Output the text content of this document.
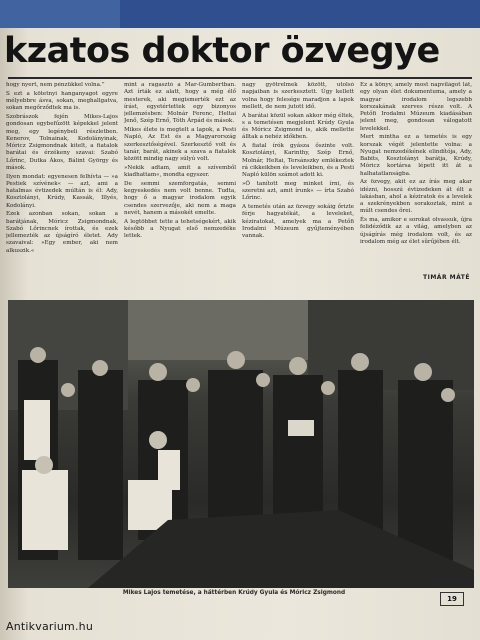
kzatos doktor özvegye

hogy nyert, nem pénzükkel volna.”

S ezt a kötetnyi hanganyagot egyre mélyebbre ásva, sokan, meghallgatva, sokan megőrződtek ma is.

Szobrászok fején Mikes-Lajos gondosan egybefűzött képekkel jelent meg, egy legénybeli részletben. Kenerov, Tolnainak, Kodolányinak, Móricz Zsigmondnak kitelt, a fiatalok barátai és érzékeny szavai: Szabó Lőrinc, Dutka Ákos, Bálint György és mások.

Ilyen mondat: egyenesen felhívta — »a Pestiek szívének« — azt, ami a hatalmas évtizedek múltán is él: Ady, Kosztolányi, Krúdy, Kassák, Illyés, Kodolányi.

Ezek azonban sokan, sokan a barátjának, Móricz Zsigmondnak, Szabó Lőrincnek írottak, és ezek jellemezték az újságíró életet. Ady szavaival: »Egy ember, aki nem alkuszik.«

mint a ragasztó a Mar-Gumbertban. Azt írták ez alatt, hogy a még élő mesterek, aki megismerték ezt az írást, egyetértettek egy bizonyos jellemzésben: Molnár Ferenc, Heltai Jenő, Szép Ernő, Tóth Árpád és mások.

Mikes élete is megtelt a lapok, a Pesti Napló, Az Est és a Magyarország szerkesztőségével. Szerkesztő volt és tanár, barát, akinek a szava a fiatalok között mindig nagy súlyú volt.

»Nekik adtam, amit a szívemből kiadhattam«, mondta egyszer.

De semmi szemforgatás, semmi kegyeskedés nem volt benne. Tudta, hogy ő a magyar irodalom egyik csendes szervezője, aki nem a maga nevét, hanem a másokét emelte.

A legtöbbet tette a tehetségekért, akik később a Nyugat első nemzedéke lettek.

nagy gyötrelmek között, utolsó napjaiban is szerkesztett. Úgy kellett volna hogy felesége maradjon a lapok mellett, de nem jutott idő.

A barátai közül sokan akkor még éltek, s a temetésen megjelent Krúdy Gyula és Móricz Zsigmond is, akik mellette álltak a nehéz időkben.

A fiatal írók gyásza őszinte volt. Kosztolányi, Karinthy, Szép Ernő, Molnár, Heltai, Tersánszky emlékeztek rá cikkeikben és leveleikben, és a Pesti Napló külön számot adott ki.

»Ő tanított meg minket írni, és szeretni azt, amit írunk« — írta Szabó Lőrinc.

A temetés után az özvegy sokáig őrizte férje hagyatékát, a leveleket, kéziratokat, amelyek ma a Petőfi Irodalmi Múzeum gyűjteményében vannak.

Ez a könyv, amely most napvilágot lát, egy olyan élet dokumentuma, amely a magyar irodalom legszebb korszakának szerves része volt. A Petőfi Irodalmi Múzeum kiadásában jelent meg, gondosan válogatott levelekkel.

Mert mintha ez a temetés is egy korszak végét jelentette volna: a Nyugat nemzedékének elindítója, Ady, Babits, Kosztolányi barátja, Krúdy, Móricz kortársa lépett itt át a halhatatlanságba.

Az özvegy, akit ez az írás meg akar idézni, hosszú évtizedeken át élt a lakásban, ahol a kéziratok és a levelek a szekrényekben sorakoztak, mint a múlt csendes őrei.

És ma, amikor e sorokat olvassuk, újra felidéződik az a világ, amelyben az újságírás még irodalom volt, és az irodalom még az élet sűrűjében élt.

TIMÁR MÁTÉ
Mikes Lajos temetése, a háttérben Krúdy Gyula és Móricz Zsigmond
19
Antikvarium.hu
